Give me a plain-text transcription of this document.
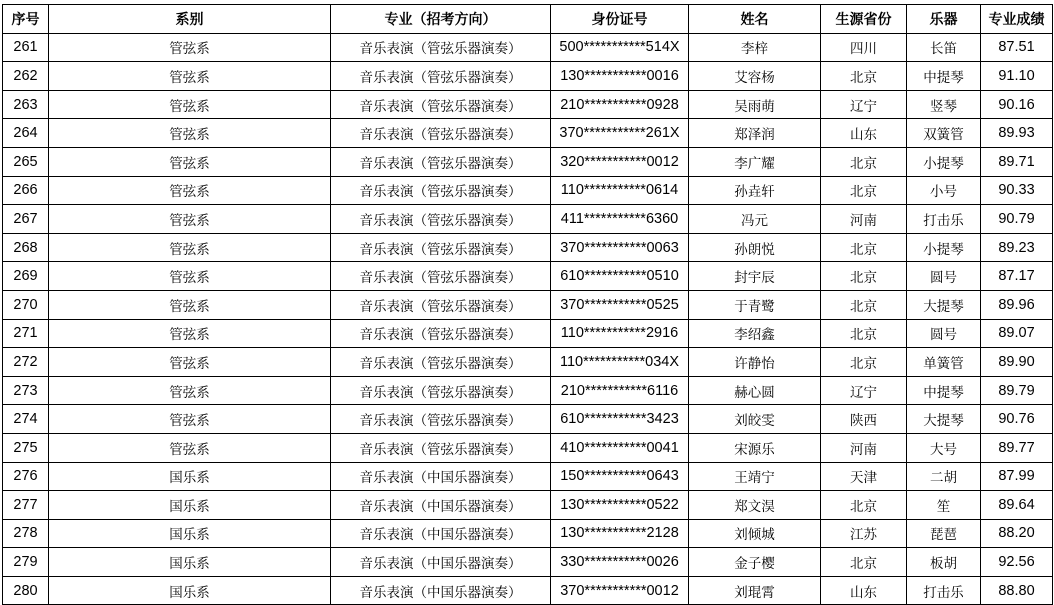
序号	系别	专业（招考方向）	身份证号	姓名	生源省份	乐器	专业成绩
261	管弦系	音乐表演（管弦乐器演奏）	500***********514X	李梓	四川	长笛	87.51
262	管弦系	音乐表演（管弦乐器演奏）	130***********0016	艾容杨	北京	中提琴	91.10
263	管弦系	音乐表演（管弦乐器演奏）	210***********0928	吴雨萌	辽宁	竖琴	90.16
264	管弦系	音乐表演（管弦乐器演奏）	370***********261X	郑泽润	山东	双簧管	89.93
265	管弦系	音乐表演（管弦乐器演奏）	320***********0012	李广耀	北京	小提琴	89.71
266	管弦系	音乐表演（管弦乐器演奏）	110***********0614	孙垚轩	北京	小号	90.33
267	管弦系	音乐表演（管弦乐器演奏）	411***********6360	冯元	河南	打击乐	90.79
268	管弦系	音乐表演（管弦乐器演奏）	370***********0063	孙朗悦	北京	小提琴	89.23
269	管弦系	音乐表演（管弦乐器演奏）	610***********0510	封宇辰	北京	圆号	87.17
270	管弦系	音乐表演（管弦乐器演奏）	370***********0525	于青鹭	北京	大提琴	89.96
271	管弦系	音乐表演（管弦乐器演奏）	110***********2916	李绍鑫	北京	圆号	89.07
272	管弦系	音乐表演（管弦乐器演奏）	110***********034X	许静怡	北京	单簧管	89.90
273	管弦系	音乐表演（管弦乐器演奏）	210***********6116	赫心圆	辽宁	中提琴	89.79
274	管弦系	音乐表演（管弦乐器演奏）	610***********3423	刘皎雯	陕西	大提琴	90.76
275	管弦系	音乐表演（管弦乐器演奏）	410***********0041	宋源乐	河南	大号	89.77
276	国乐系	音乐表演（中国乐器演奏）	150***********0643	王靖宁	天津	二胡	87.99
277	国乐系	音乐表演（中国乐器演奏）	130***********0522	郑文淏	北京	笙	89.64
278	国乐系	音乐表演（中国乐器演奏）	130***********2128	刘倾城	江苏	琵琶	88.20
279	国乐系	音乐表演（中国乐器演奏）	330***********0026	金子樱	北京	板胡	92.56
280	国乐系	音乐表演（中国乐器演奏）	370***********0012	刘琨霄	山东	打击乐	88.80
